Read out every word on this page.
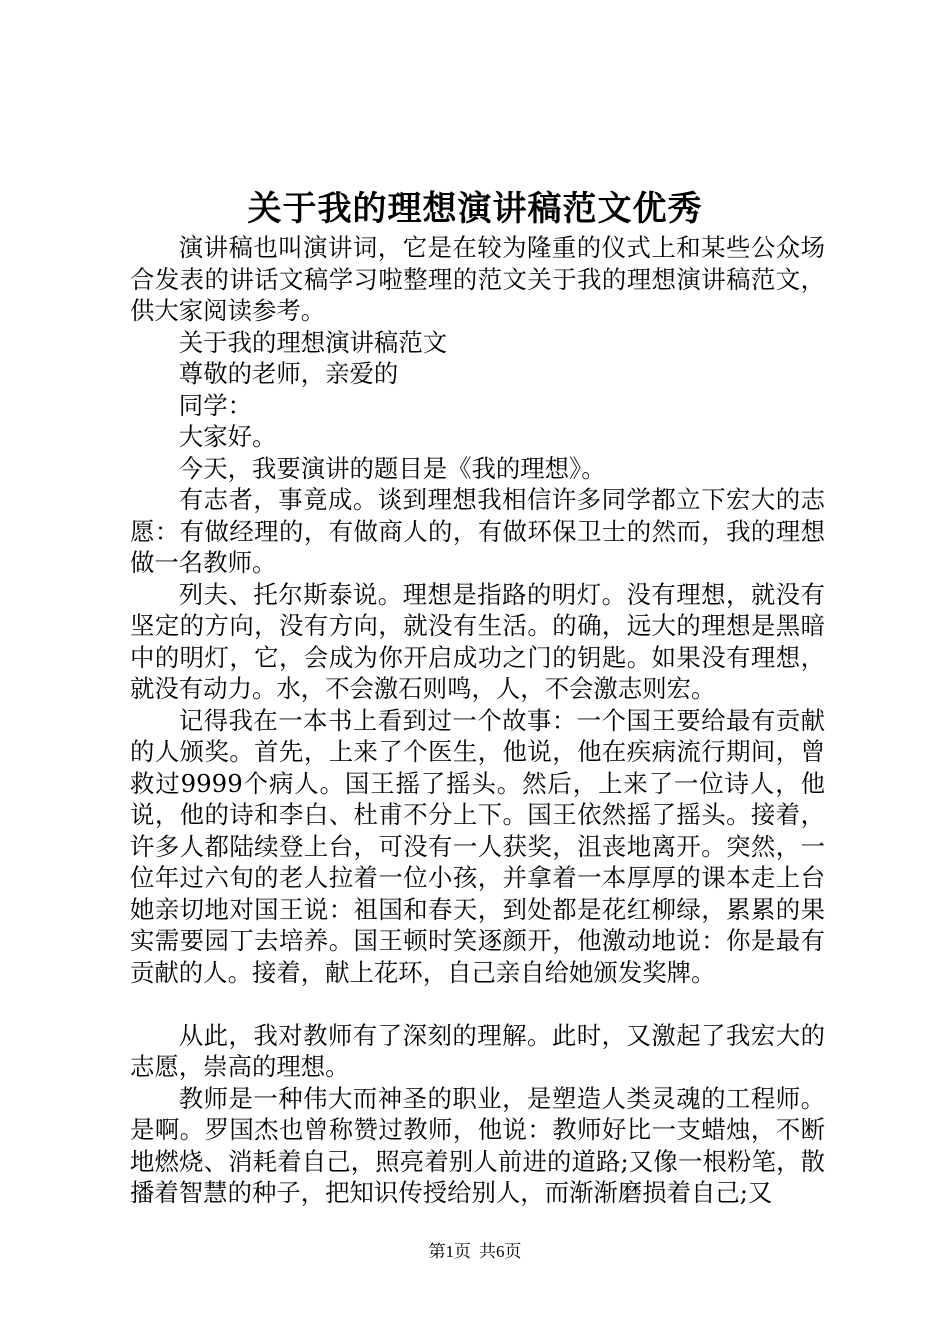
关于我的理想演讲稿范文优秀

演讲稿也叫演讲词，它是在较为隆重的仪式上和某些公众场合发表的讲话文稿学习啦整理的范文关于我的理想演讲稿范文，供大家阅读参考。

关于我的理想演讲稿范文

尊敬的老师，亲爱的

同学：

大家好。

今天，我要演讲的题目是《我的理想》。

有志者，事竟成。谈到理想我相信许多同学都立下宏大的志愿：有做经理的，有做商人的，有做环保卫士的然而，我的理想做一名教师。

列夫、托尔斯泰说。理想是指路的明灯。没有理想，就没有坚定的方向，没有方向，就没有生活。的确，远大的理想是黑暗中的明灯，它，会成为你开启成功之门的钥匙。如果没有理想，就没有动力。水，不会激石则鸣，人，不会激志则宏。

记得我在一本书上看到过一个故事：一个国王要给最有贡献的人颁奖。首先，上来了个医生，他说，他在疾病流行期间，曾救过9999个病人。国王摇了摇头。然后，上来了一位诗人，他说，他的诗和李白、杜甫不分上下。国王依然摇了摇头。接着，许多人都陆续登上台，可没有一人获奖，沮丧地离开。突然，一位年过六旬的老人拉着一位小孩，并拿着一本厚厚的课本走上台她亲切地对国王说：祖国和春天，到处都是花红柳绿，累累的果实需要园丁去培养。国王顿时笑逐颜开，他激动地说：你是最有贡献的人。接着，献上花环，自己亲自给她颁发奖牌。

从此，我对教师有了深刻的理解。此时，又激起了我宏大的志愿，崇高的理想。

教师是一种伟大而神圣的职业，是塑造人类灵魂的工程师。是啊。罗国杰也曾称赞过教师，他说：教师好比一支蜡烛，不断地燃烧、消耗着自己，照亮着别人前进的道路;又像一根粉笔，散播着智慧的种子，把知识传授给别人，而渐渐磨损着自己;又

第1页 共6页
